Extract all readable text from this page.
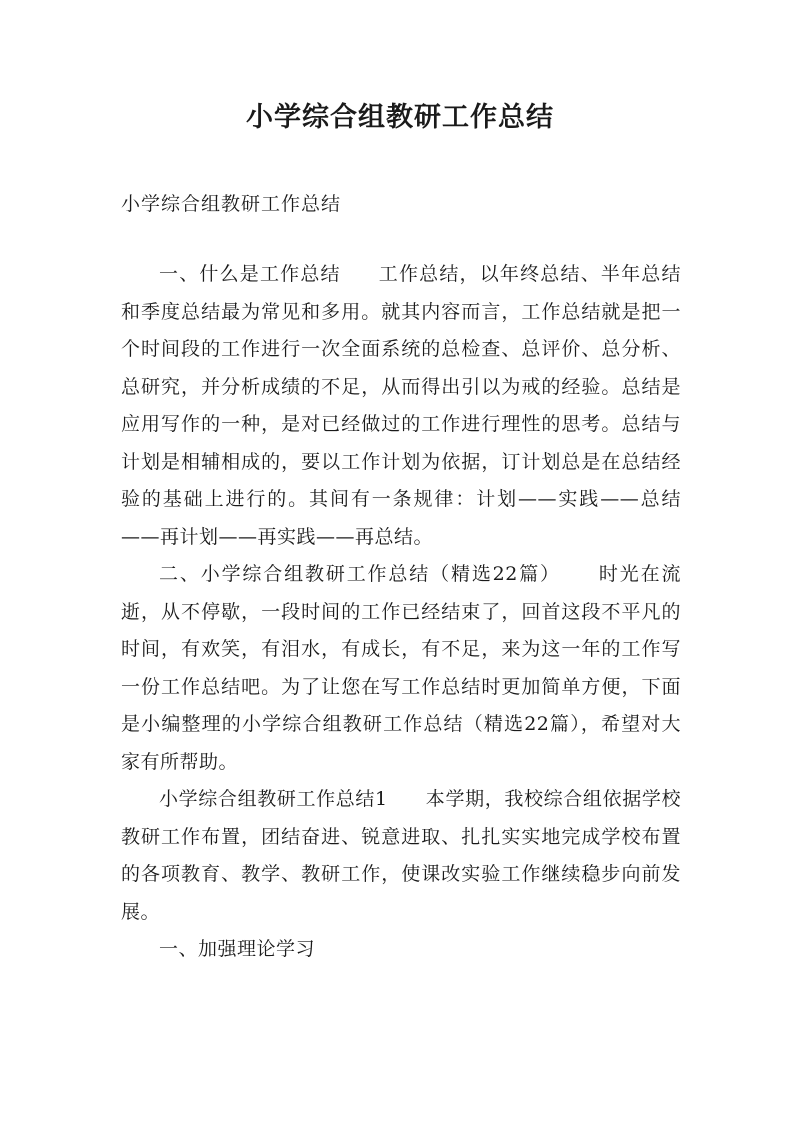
小学综合组教研工作总结

小学综合组教研工作总结

一、什么是工作总结 工作总结，以年终总结、半年总结和季度总结最为常见和多用。就其内容而言，工作总结就是把一个时间段的工作进行一次全面系统的总检查、总评价、总分析、总研究，并分析成绩的不足，从而得出引以为戒的经验。总结是应用写作的一种，是对已经做过的工作进行理性的思考。总结与计划是相辅相成的，要以工作计划为依据，订计划总是在总结经验的基础上进行的。其间有一条规律：计划——实践——总结——再计划——再实践——再总结。

二、小学综合组教研工作总结（精选22篇） 时光在流逝，从不停歇，一段时间的工作已经结束了，回首这段不平凡的时间，有欢笑，有泪水，有成长，有不足，来为这一年的工作写一份工作总结吧。为了让您在写工作总结时更加简单方便，下面是小编整理的小学综合组教研工作总结（精选22篇），希望对大家有所帮助。

小学综合组教研工作总结1 本学期，我校综合组依据学校教研工作布置，团结奋进、锐意进取、扎扎实实地完成学校布置的各项教育、教学、教研工作，使课改实验工作继续稳步向前发展。

一、加强理论学习
